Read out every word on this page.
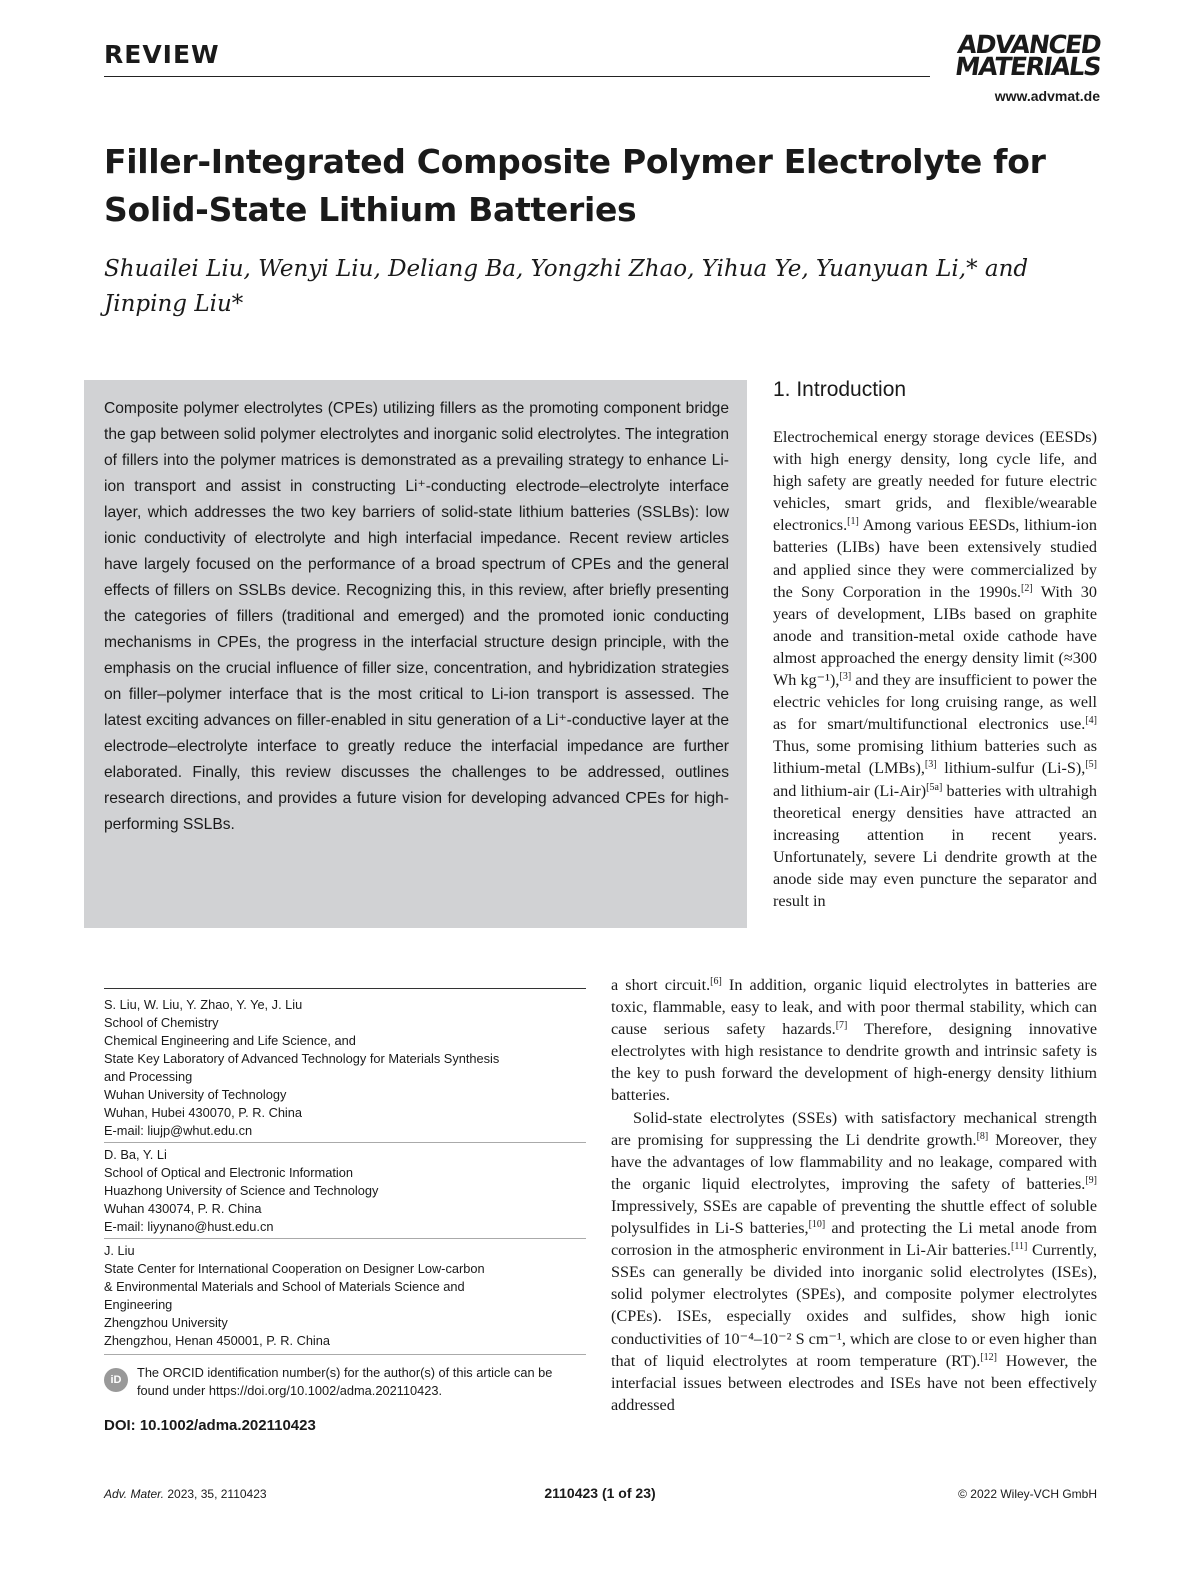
REVIEW	ADVANCED
MATERIALS
www.advmat.de
Filler-Integrated Composite Polymer Electrolyte for Solid-State Lithium Batteries
Shuailei Liu, Wenyi Liu, Deliang Ba, Yongzhi Zhao, Yihua Ye, Yuanyuan Li,* and Jinping Liu*
Composite polymer electrolytes (CPEs) utilizing fillers as the promoting component bridge the gap between solid polymer electrolytes and inorganic solid electrolytes. The integration of fillers into the polymer matrices is demonstrated as a prevailing strategy to enhance Li-ion transport and assist in constructing Li⁺-conducting electrode–electrolyte interface layer, which addresses the two key barriers of solid-state lithium batteries (SSLBs): low ionic conductivity of electrolyte and high interfacial impedance. Recent review articles have largely focused on the performance of a broad spectrum of CPEs and the general effects of fillers on SSLBs device. Recognizing this, in this review, after briefly presenting the categories of fillers (traditional and emerged) and the promoted ionic conducting mechanisms in CPEs, the progress in the interfacial structure design principle, with the emphasis on the crucial influence of filler size, concentration, and hybridization strategies on filler–polymer interface that is the most critical to Li-ion transport is assessed. The latest exciting advances on filler-enabled in situ generation of a Li⁺-conductive layer at the electrode–electrolyte interface to greatly reduce the interfacial impedance are further elaborated. Finally, this review discusses the challenges to be addressed, outlines research directions, and provides a future vision for developing advanced CPEs for high-performing SSLBs.
1. Introduction
Electrochemical energy storage devices (EESDs) with high energy density, long cycle life, and high safety are greatly needed for future electric vehicles, smart grids, and flexible/wearable electronics.[1] Among various EESDs, lithium-ion batteries (LIBs) have been extensively studied and applied since they were commercialized by the Sony Corporation in the 1990s.[2] With 30 years of development, LIBs based on graphite anode and transition-metal oxide cathode have almost approached the energy density limit (≈300 Wh kg⁻¹),[3] and they are insufficient to power the electric vehicles for long cruising range, as well as for smart/multifunctional electronics use.[4] Thus, some promising lithium batteries such as lithium-metal (LMBs),[3] lithium-sulfur (Li-S),[5] and lithium-air (Li-Air)[5a] batteries with ultrahigh theoretical energy densities have attracted an increasing attention in recent years. Unfortunately, severe Li dendrite growth at the anode side may even puncture the separator and result in
a short circuit.[6] In addition, organic liquid electrolytes in batteries are toxic, flammable, easy to leak, and with poor thermal stability, which can cause serious safety hazards.[7] Therefore, designing innovative electrolytes with high resistance to dendrite growth and intrinsic safety is the key to push forward the development of high-energy density lithium batteries.
Solid-state electrolytes (SSEs) with satisfactory mechanical strength are promising for suppressing the Li dendrite growth.[8] Moreover, they have the advantages of low flammability and no leakage, compared with the organic liquid electrolytes, improving the safety of batteries.[9] Impressively, SSEs are capable of preventing the shuttle effect of soluble polysulfides in Li-S batteries,[10] and protecting the Li metal anode from corrosion in the atmospheric environment in Li-Air batteries.[11] Currently, SSEs can generally be divided into inorganic solid electrolytes (ISEs), solid polymer electrolytes (SPEs), and composite polymer electrolytes (CPEs). ISEs, especially oxides and sulfides, show high ionic conductivities of 10⁻⁴–10⁻² S cm⁻¹, which are close to or even higher than that of liquid electrolytes at room temperature (RT).[12] However, the interfacial issues between electrodes and ISEs have not been effectively addressed
S. Liu, W. Liu, Y. Zhao, Y. Ye, J. Liu
School of Chemistry
Chemical Engineering and Life Science, and
State Key Laboratory of Advanced Technology for Materials Synthesis
and Processing
Wuhan University of Technology
Wuhan, Hubei 430070, P. R. China
E-mail: liujp@whut.edu.cn
D. Ba, Y. Li
School of Optical and Electronic Information
Huazhong University of Science and Technology
Wuhan 430074, P. R. China
E-mail: liyynano@hust.edu.cn
J. Liu
State Center for International Cooperation on Designer Low-carbon
& Environmental Materials and School of Materials Science and
Engineering
Zhengzhou University
Zhengzhou, Henan 450001, P. R. China
iD	The ORCID identification number(s) for the author(s) of this article can be found under https://doi.org/10.1002/adma.202110423.
DOI: 10.1002/adma.202110423
Adv. Mater. 2023, 35, 2110423	2110423 (1 of 23)	© 2022 Wiley-VCH GmbH
